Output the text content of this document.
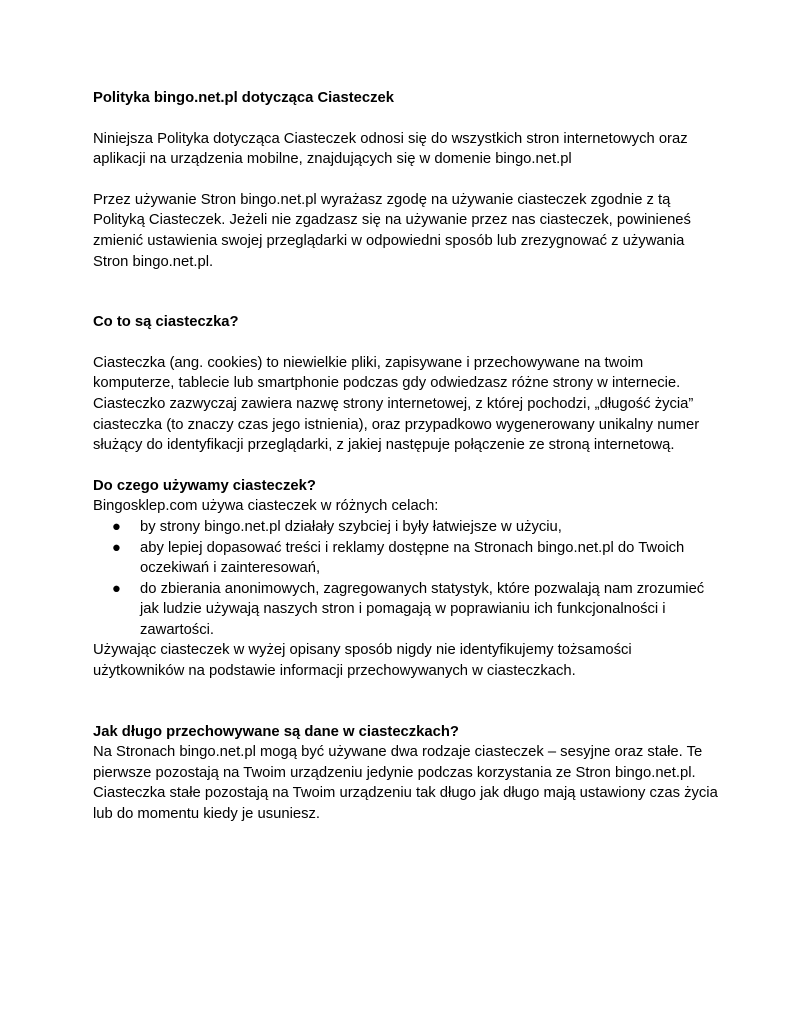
Polityka bingo.net.pl dotycząca Ciasteczek

Niniejsza Polityka dotycząca Ciasteczek odnosi się do wszystkich stron internetowych oraz aplikacji na urządzenia mobilne, znajdujących się w domenie bingo.net.pl

Przez używanie Stron bingo.net.pl wyrażasz zgodę na używanie ciasteczek zgodnie z tą Polityką Ciasteczek. Jeżeli nie zgadzasz się na używanie przez nas ciasteczek, powinieneś zmienić ustawienia swojej przeglądarki w odpowiedni sposób lub zrezygnować z używania Stron bingo.net.pl.

Co to są ciasteczka?

Ciasteczka (ang. cookies) to niewielkie pliki, zapisywane i przechowywane na twoim komputerze, tablecie lub smartphonie podczas gdy odwiedzasz różne strony w internecie. Ciasteczko zazwyczaj zawiera nazwę strony internetowej, z której pochodzi, „długość życia” ciasteczka (to znaczy czas jego istnienia), oraz przypadkowo wygenerowany unikalny numer służący do identyfikacji przeglądarki, z jakiej następuje połączenie ze stroną internetową.

Do czego używamy ciasteczek?

Bingosklep.com używa ciasteczek w różnych celach:

● by strony bingo.net.pl działały szybciej i były łatwiejsze w użyciu,
● aby lepiej dopasować treści i reklamy dostępne na Stronach bingo.net.pl do Twoich oczekiwań i zainteresowań,
● do zbierania anonimowych, zagregowanych statystyk, które pozwalają nam zrozumieć jak ludzie używają naszych stron i pomagają w poprawianiu ich funkcjonalności i zawartości.

Używając ciasteczek w wyżej opisany sposób nigdy nie identyfikujemy tożsamości użytkowników na podstawie informacji przechowywanych w ciasteczkach.

Jak długo przechowywane są dane w ciasteczkach?

Na Stronach bingo.net.pl mogą być używane dwa rodzaje ciasteczek – sesyjne oraz stałe. Te pierwsze pozostają na Twoim urządzeniu jedynie podczas korzystania ze Stron bingo.net.pl. Ciasteczka stałe pozostają na Twoim urządzeniu tak długo jak długo mają ustawiony czas życia lub do momentu kiedy je usuniesz.
